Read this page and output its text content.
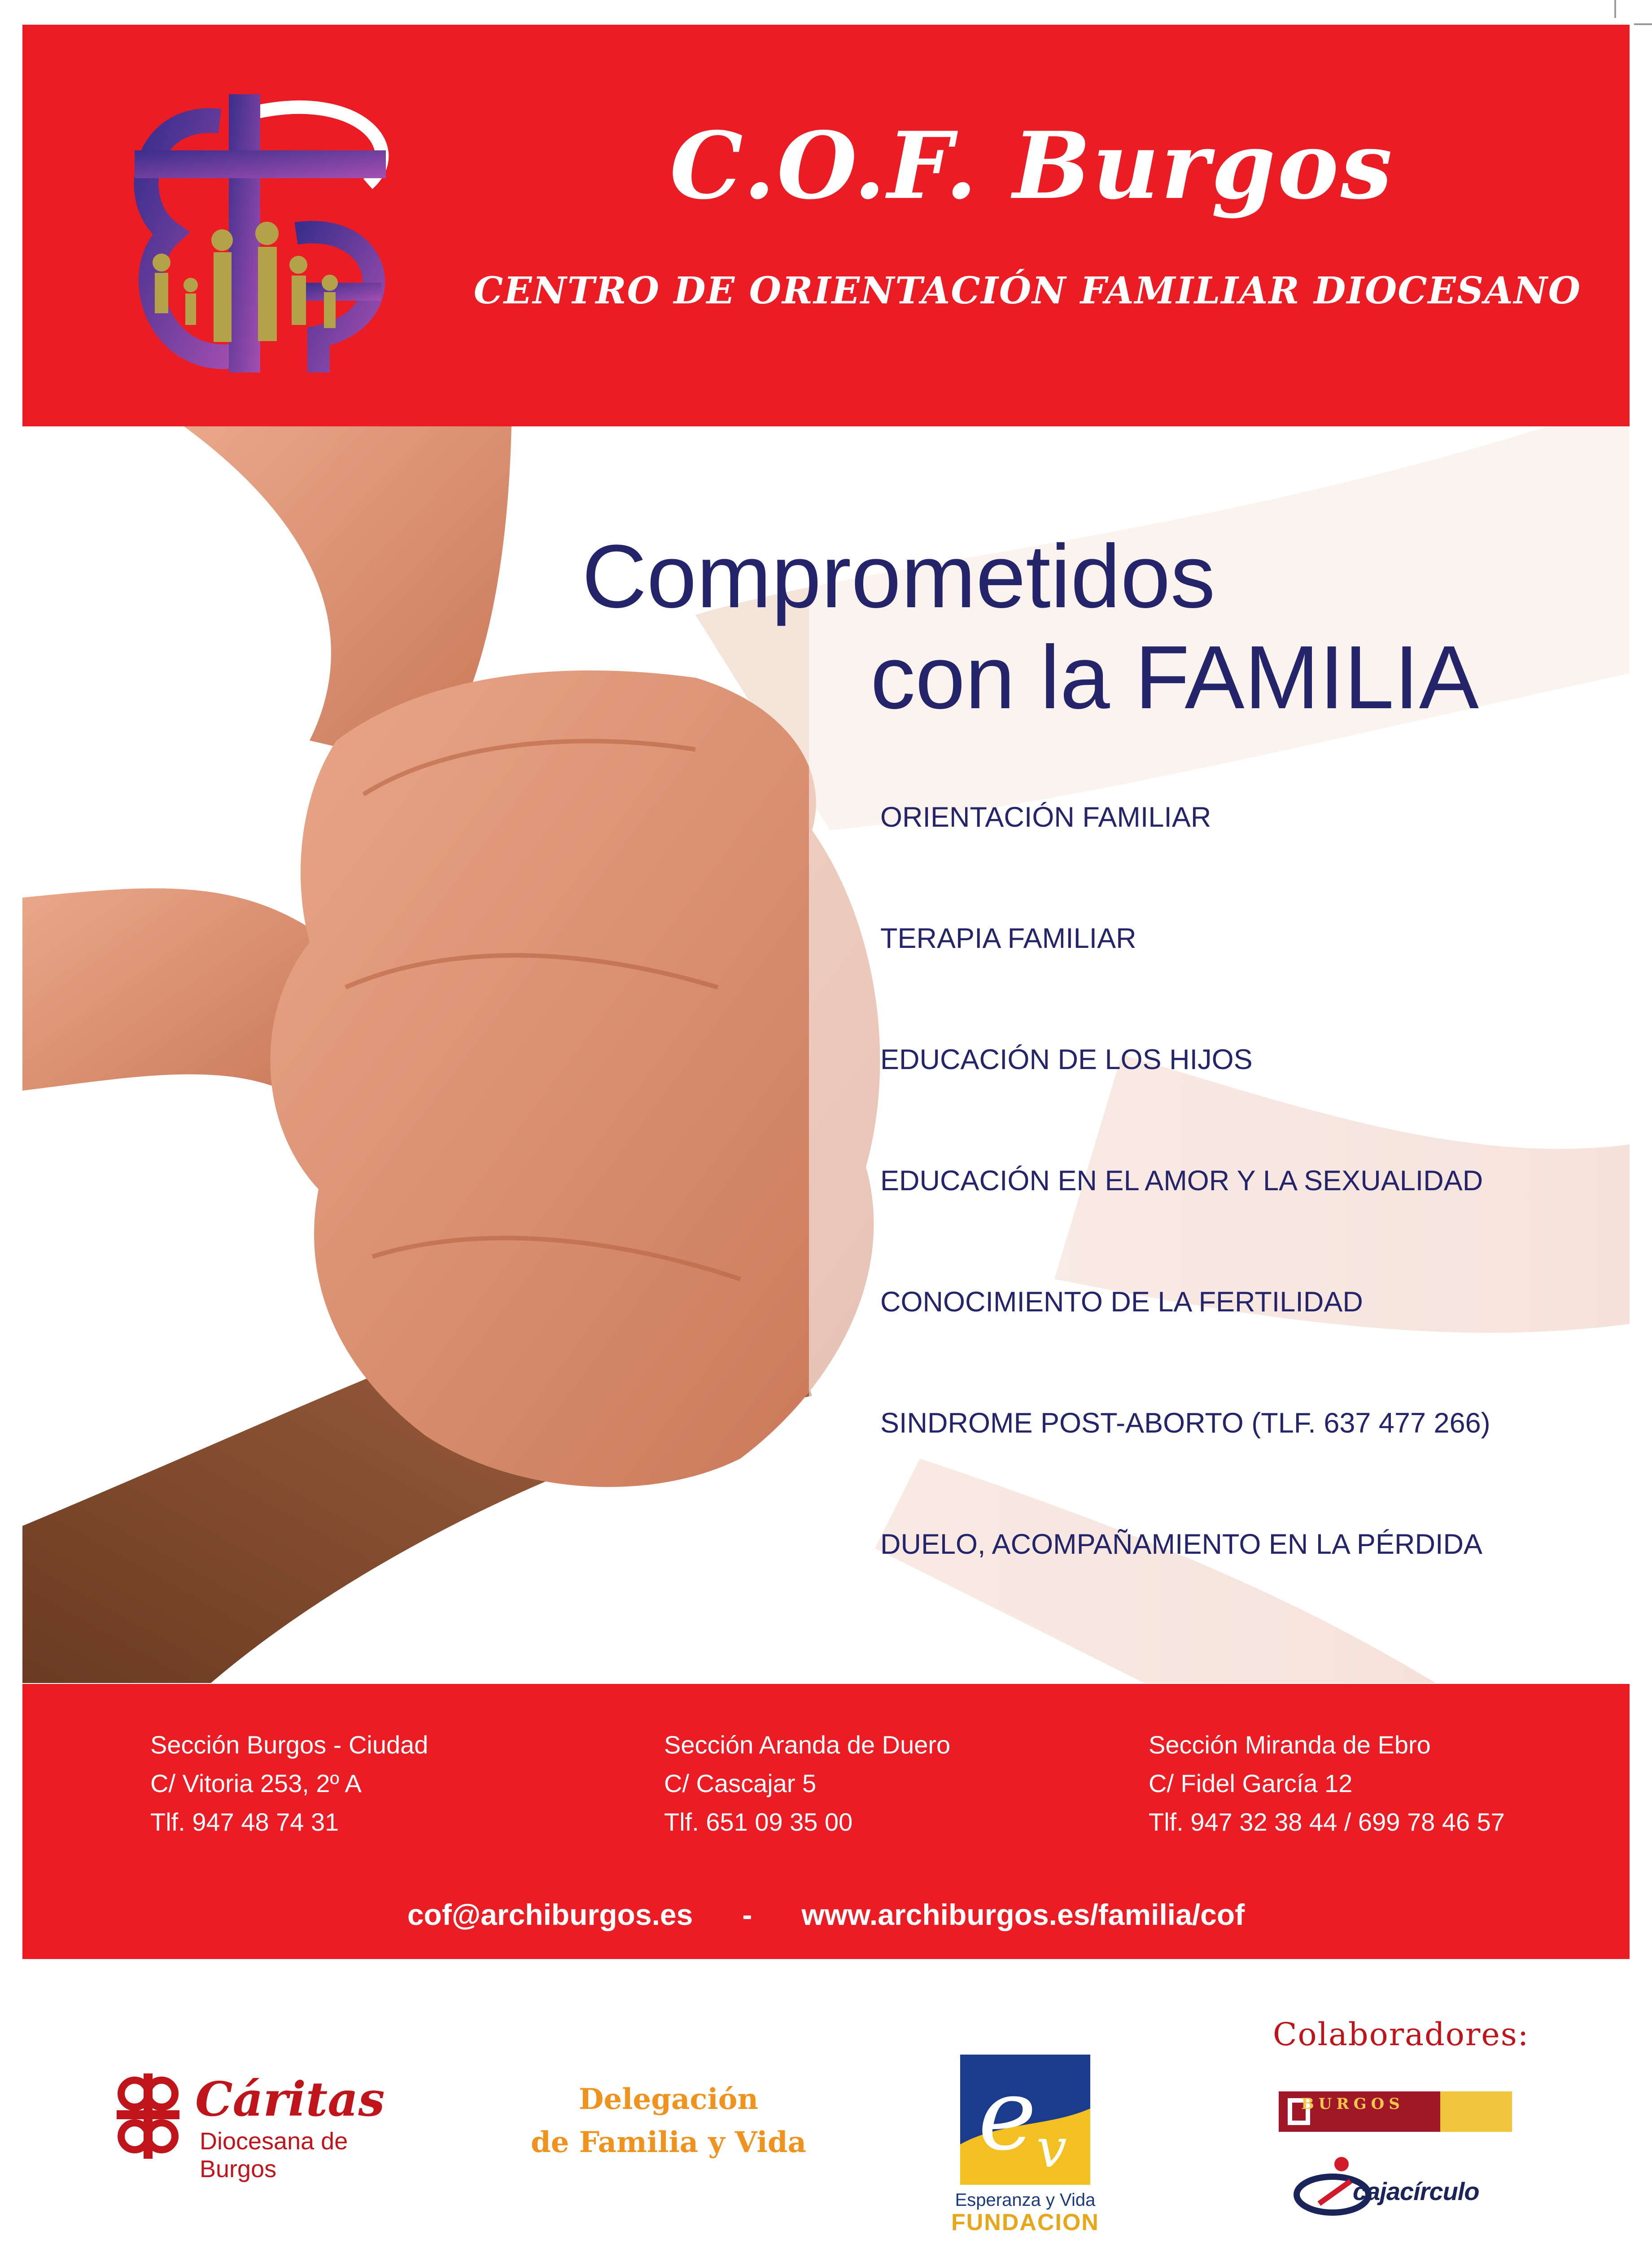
C.O.F. Burgos
CENTRO DE ORIENTACIÓN FAMILIAR DIOCESANO
Comprometidos
con la FAMILIA
ORIENTACIÓN FAMILIAR
TERAPIA FAMILIAR
EDUCACIÓN DE LOS HIJOS
EDUCACIÓN EN EL AMOR Y LA SEXUALIDAD
CONOCIMIENTO DE LA FERTILIDAD
SINDROME POST-ABORTO (TLF. 637 477 266)
DUELO, ACOMPAÑAMIENTO EN LA PÉRDIDA
Sección Burgos - Ciudad
C/ Vitoria 253, 2º A
Tlf. 947 48 74 31
Sección Aranda de Duero
C/ Cascajar 5
Tlf. 651 09 35 00
Sección Miranda de Ebro
C/ Fidel García 12
Tlf. 947 32 38 44 / 699 78 46 57
cof@archiburgos.es - www.archiburgos.es/familia/cof
Colaboradores:
Cáritas
Diocesana de
Burgos
Delegación
de Familia y Vida	e v
Esperanza y Vida
FUNDACION
BURGOS
cajacírculo
